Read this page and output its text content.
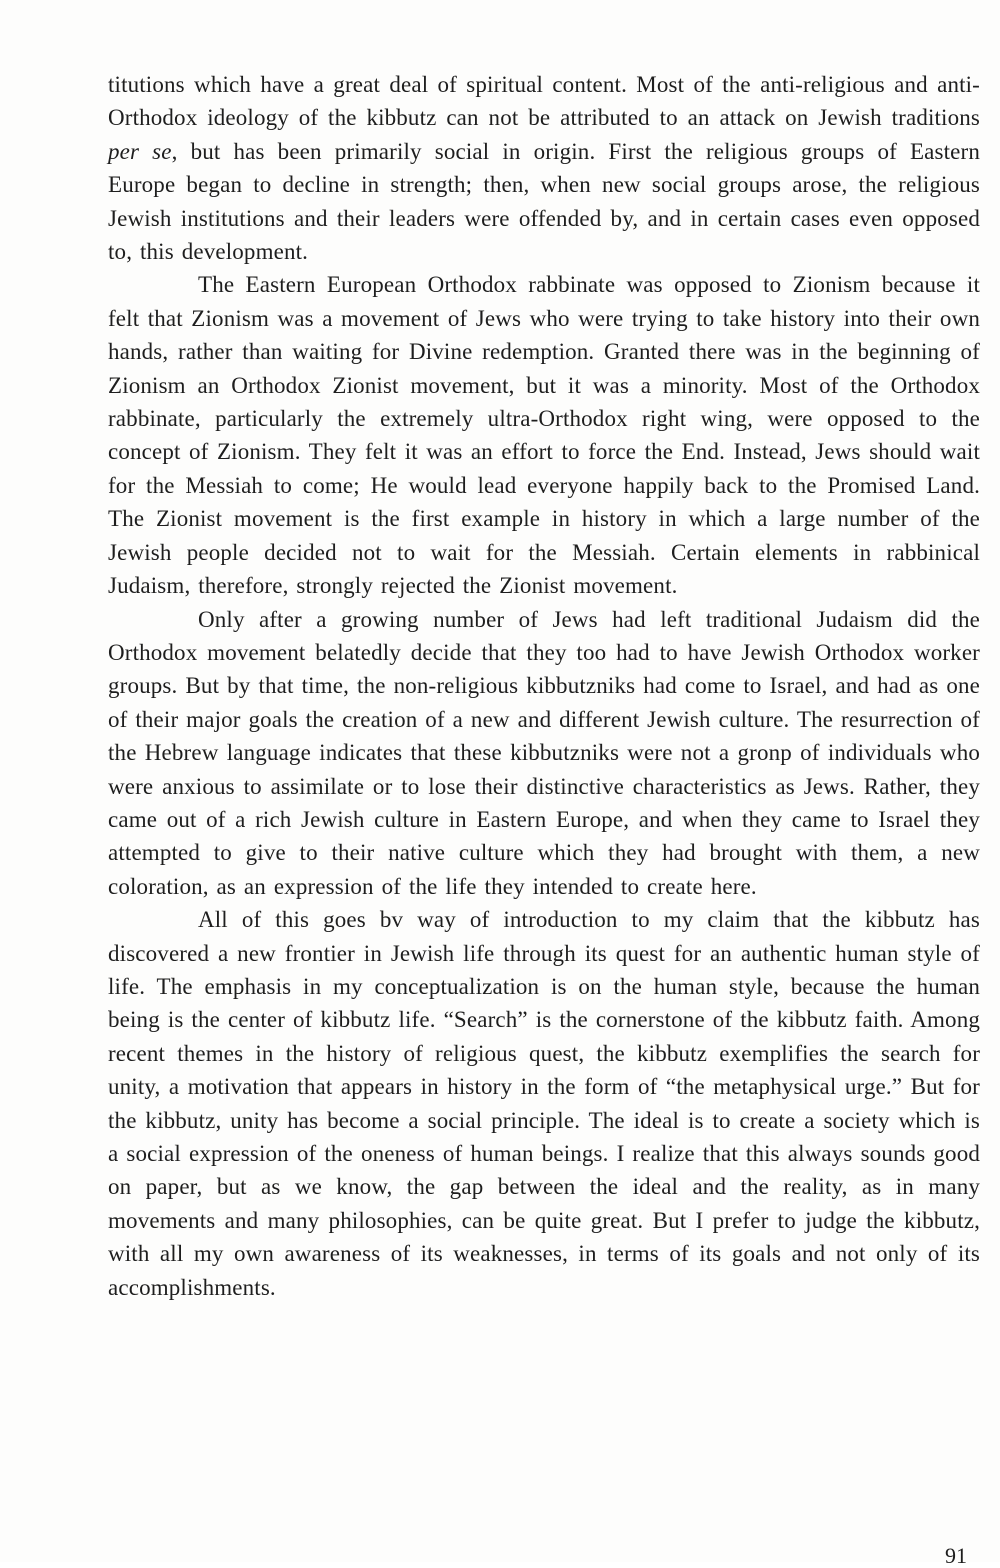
titutions which have a great deal of spiritual content. Most of the anti-religious and anti-Orthodox ideology of the kibbutz can not be attributed to an attack on Jewish traditions per se, but has been primarily social in origin. First the religious groups of Eastern Europe began to decline in strength; then, when new social groups arose, the religious Jewish institutions and their leaders were offended by, and in certain cases even opposed to, this development.

The Eastern European Orthodox rabbinate was opposed to Zionism because it felt that Zionism was a movement of Jews who were trying to take history into their own hands, rather than waiting for Divine redemption. Granted there was in the beginning of Zionism an Orthodox Zionist movement, but it was a minority. Most of the Orthodox rabbinate, particularly the extremely ultra-Orthodox right wing, were opposed to the concept of Zionism. They felt it was an effort to force the End. Instead, Jews should wait for the Messiah to come; He would lead everyone happily back to the Promised Land. The Zionist movement is the first example in history in which a large number of the Jewish people decided not to wait for the Messiah. Certain elements in rabbinical Judaism, therefore, strongly rejected the Zionist movement.

Only after a growing number of Jews had left traditional Judaism did the Orthodox movement belatedly decide that they too had to have Jewish Orthodox worker groups. But by that time, the non-religious kibbutzniks had come to Israel, and had as one of their major goals the creation of a new and different Jewish culture. The resurrection of the Hebrew language indicates that these kibbutzniks were not a gronp of individuals who were anxious to assimilate or to lose their distinctive characteristics as Jews. Rather, they came out of a rich Jewish culture in Eastern Europe, and when they came to Israel they attempted to give to their native culture which they had brought with them, a new coloration, as an expression of the life they intended to create here.

All of this goes bv way of introduction to my claim that the kibbutz has discovered a new frontier in Jewish life through its quest for an authentic human style of life. The emphasis in my conceptualization is on the human style, because the human being is the center of kibbutz life. “Search” is the cornerstone of the kibbutz faith. Among recent themes in the history of religious quest, the kibbutz exemplifies the search for unity, a motivation that appears in history in the form of “the metaphysical urge.” But for the kibbutz, unity has become a social principle. The ideal is to create a society which is a social expression of the oneness of human beings. I realize that this always sounds good on paper, but as we know, the gap between the ideal and the reality, as in many movements and many philosophies, can be quite great. But I prefer to judge the kibbutz, with all my own awareness of its weaknesses, in terms of its goals and not only of its accomplishments.

91
